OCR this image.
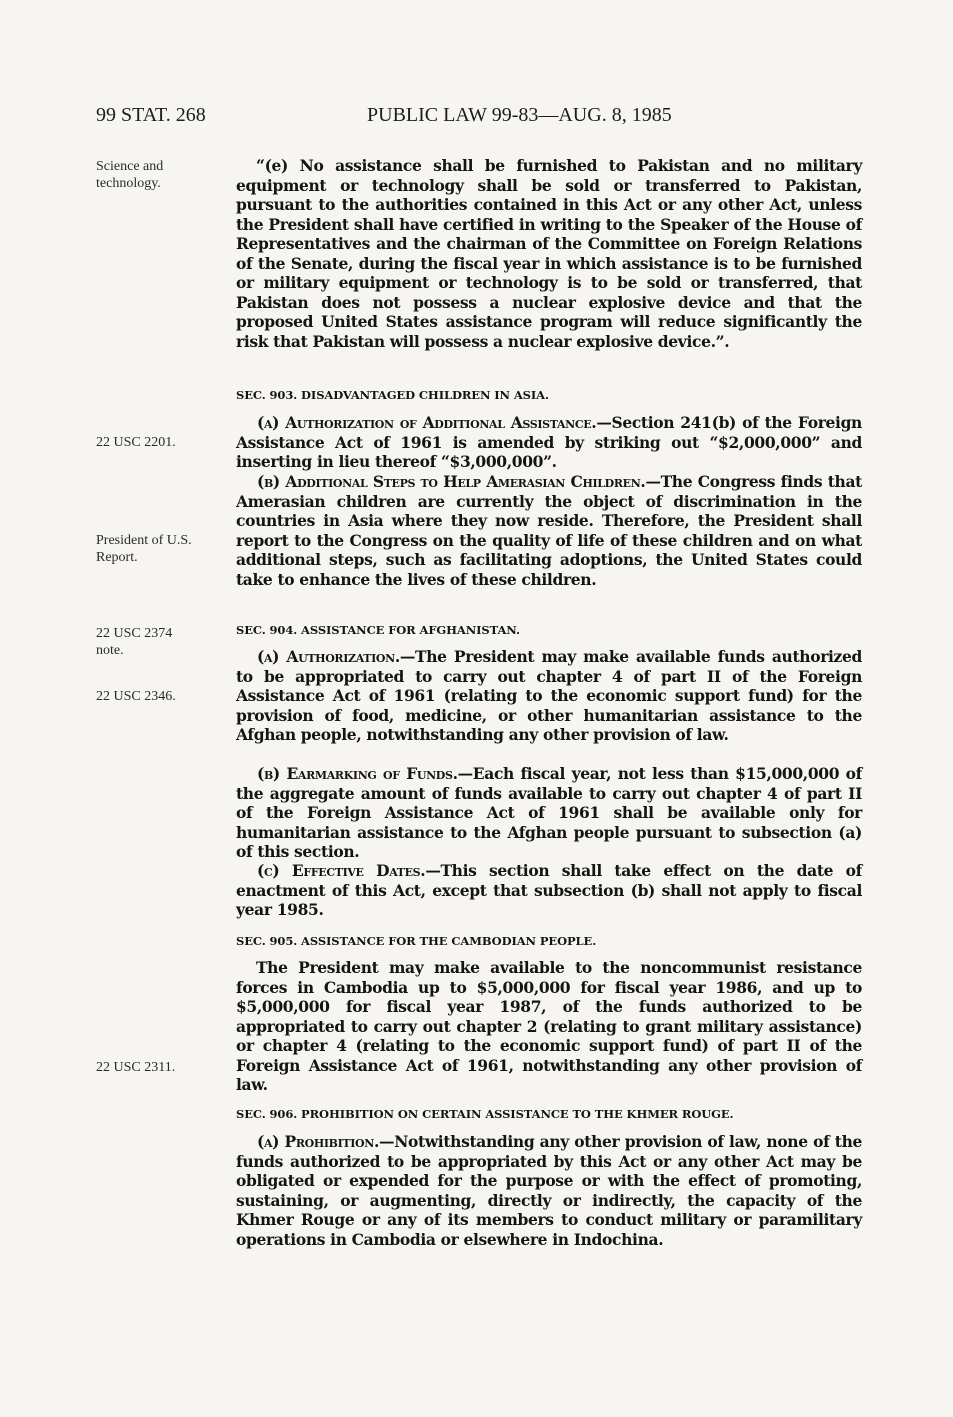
99 STAT. 268	PUBLIC LAW 99-83—AUG. 8, 1985
Science and technology.
22 USC 2201.
President of U.S. Report.
22 USC 2374 note.
22 USC 2346.
22 USC 2311.

“(e) No assistance shall be furnished to Pakistan and no military equipment or technology shall be sold or transferred to Pakistan, pursuant to the authorities contained in this Act or any other Act, unless the President shall have certified in writing to the Speaker of the House of Representatives and the chairman of the Committee on Foreign Relations of the Senate, during the fiscal year in which assistance is to be furnished or military equipment or technology is to be sold or transferred, that Pakistan does not possess a nuclear explosive device and that the proposed United States assistance program will reduce significantly the risk that Pakistan will possess a nuclear explosive device.”.

SEC. 903. DISADVANTAGED CHILDREN IN ASIA.

(a) Authorization of Additional Assistance.—Section 241(b) of the Foreign Assistance Act of 1961 is amended by striking out “$2,000,000” and inserting in lieu thereof “$3,000,000”.

(b) Additional Steps to Help Amerasian Children.—The Congress finds that Amerasian children are currently the object of discrimination in the countries in Asia where they now reside. Therefore, the President shall report to the Congress on the quality of life of these children and on what additional steps, such as facilitating adoptions, the United States could take to enhance the lives of these children.

SEC. 904. ASSISTANCE FOR AFGHANISTAN.

(a) Authorization.—The President may make available funds authorized to be appropriated to carry out chapter 4 of part II of the Foreign Assistance Act of 1961 (relating to the economic support fund) for the provision of food, medicine, or other humanitarian assistance to the Afghan people, notwithstanding any other provision of law.

(b) Earmarking of Funds.—Each fiscal year, not less than $15,000,000 of the aggregate amount of funds available to carry out chapter 4 of part II of the Foreign Assistance Act of 1961 shall be available only for humanitarian assistance to the Afghan people pursuant to subsection (a) of this section.

(c) Effective Dates.—This section shall take effect on the date of enactment of this Act, except that subsection (b) shall not apply to fiscal year 1985.

SEC. 905. ASSISTANCE FOR THE CAMBODIAN PEOPLE.

The President may make available to the noncommunist resistance forces in Cambodia up to $5,000,000 for fiscal year 1986, and up to $5,000,000 for fiscal year 1987, of the funds authorized to be appropriated to carry out chapter 2 (relating to grant military assistance) or chapter 4 (relating to the economic support fund) of part II of the Foreign Assistance Act of 1961, notwithstanding any other provision of law.

SEC. 906. PROHIBITION ON CERTAIN ASSISTANCE TO THE KHMER ROUGE.

(a) Prohibition.—Notwithstanding any other provision of law, none of the funds authorized to be appropriated by this Act or any other Act may be obligated or expended for the purpose or with the effect of promoting, sustaining, or augmenting, directly or indirectly, the capacity of the Khmer Rouge or any of its members to conduct military or paramilitary operations in Cambodia or elsewhere in Indochina.
